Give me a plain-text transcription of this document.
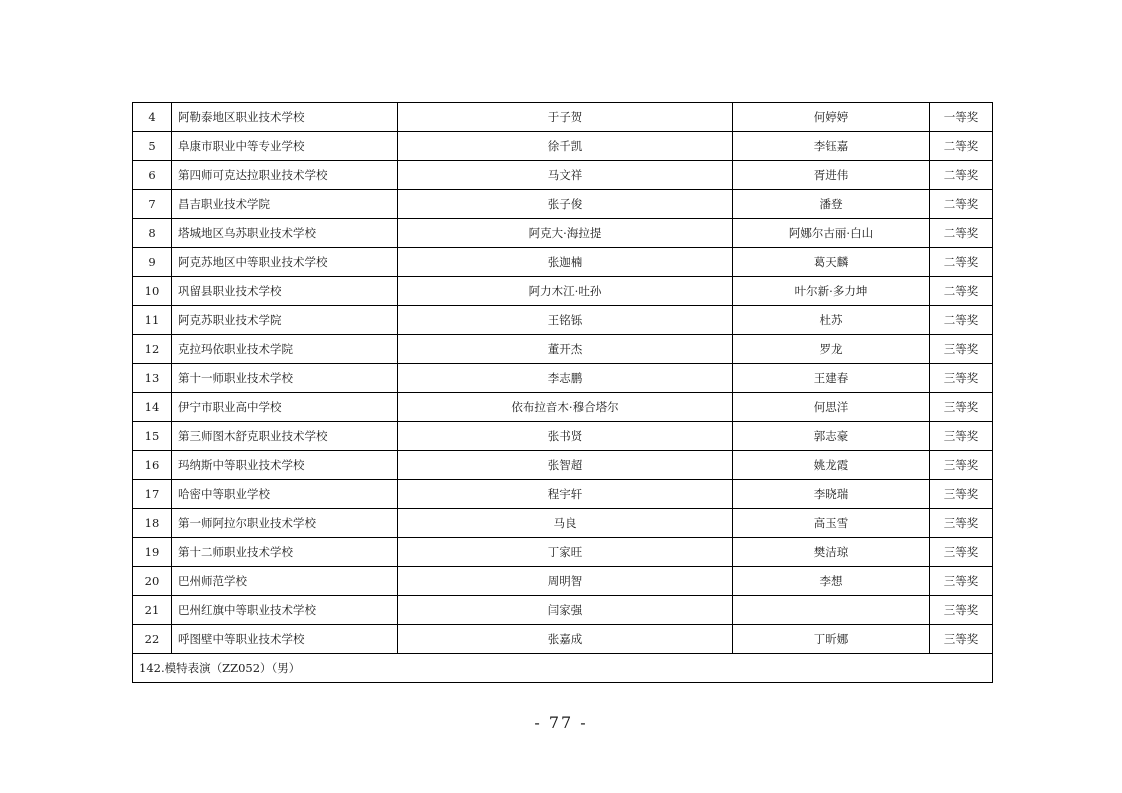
4	阿勒泰地区职业技术学校	于子贺	何婷婷	一等奖
5	阜康市职业中等专业学校	徐千凯	李钰嘉	二等奖
6	第四师可克达拉职业技术学校	马文祥	胥进伟	二等奖
7	昌吉职业技术学院	张子俊	潘登	二等奖
8	塔城地区乌苏职业技术学校	阿克大·海拉提	阿娜尔古丽·白山	二等奖
9	阿克苏地区中等职业技术学校	张迦楠	葛天麟	二等奖
10	巩留县职业技术学校	阿力木江·吐孙	叶尔新·多力坤	二等奖
11	阿克苏职业技术学院	王铭铄	杜苏	二等奖
12	克拉玛依职业技术学院	董开杰	罗龙	三等奖
13	第十一师职业技术学校	李志鹏	王建春	三等奖
14	伊宁市职业高中学校	依布拉音木·穆合塔尔	何思洋	三等奖
15	第三师图木舒克职业技术学校	张书贤	郭志豪	三等奖
16	玛纳斯中等职业技术学校	张智超	姚龙霞	三等奖
17	哈密中等职业学校	程宇轩	李晓瑞	三等奖
18	第一师阿拉尔职业技术学校	马良	高玉雪	三等奖
19	第十二师职业技术学校	丁家旺	樊洁琼	三等奖
20	巴州师范学校	周明智	李想	三等奖
21	巴州红旗中等职业技术学校	闫家强		三等奖
22	呼图壁中等职业技术学校	张嘉成	丁昕娜	三等奖
142.模特表演（ZZ052）（男）				
- 77 -
